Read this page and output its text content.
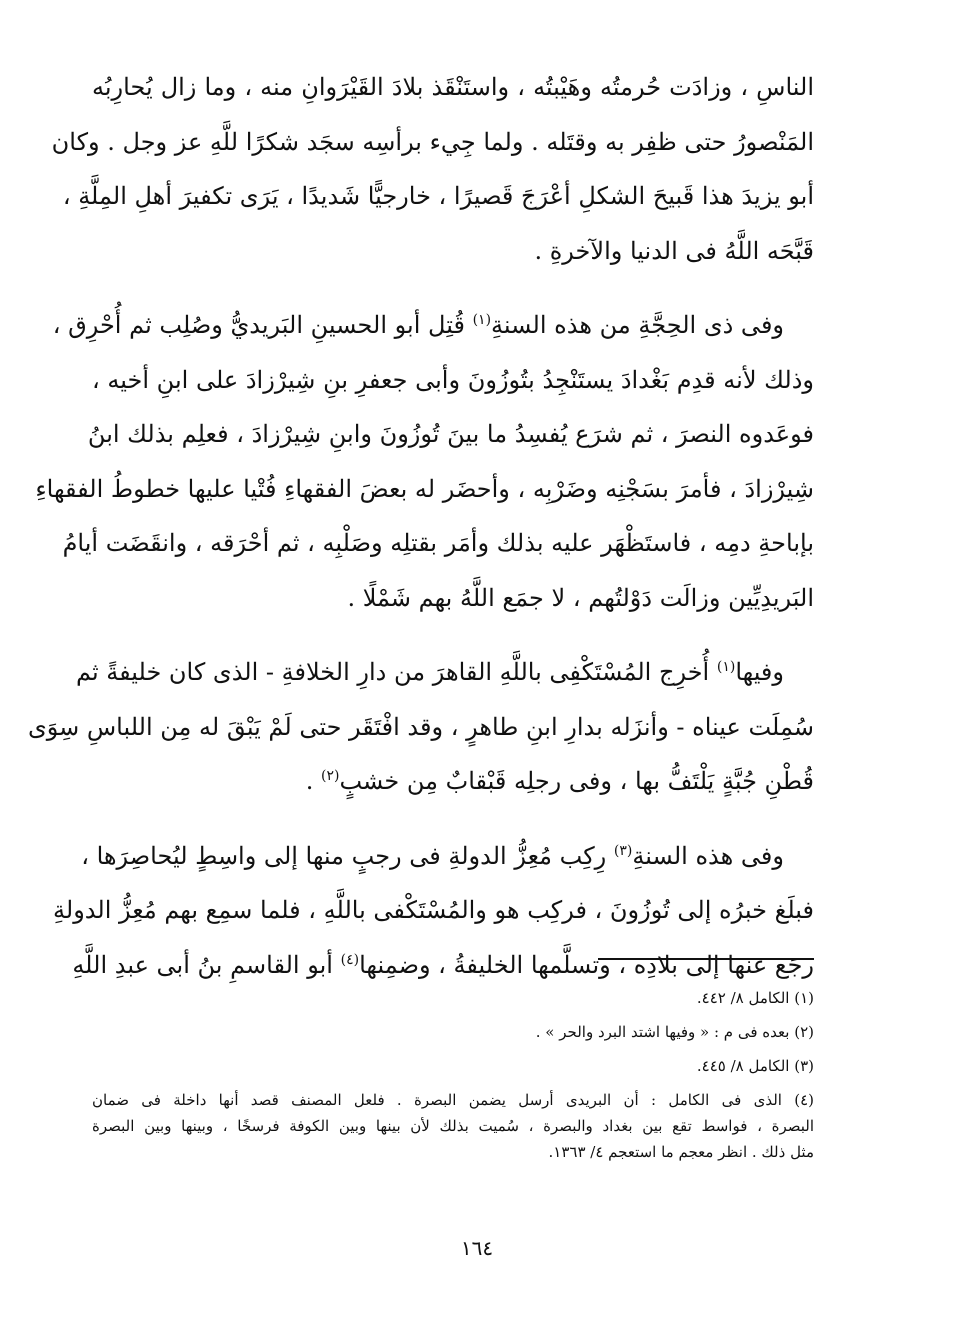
الناسِ ، وزادَت حُرمتُه وهَيْبتُه ، واستَنْقَذ بلادَ القَيْرَوانِ منه ، وما زال يُحارِبُه
المَنْصورُ حتى ظفِر به وقتَله . ولما جِيء برأسِه سجَد شكرًا للَّهِ عز وجل . وكان
أبو يزيدَ هذا قَبيحَ الشكلِ أعْرَجَ قَصيرًا ، خارجيًّا شَديدًا ، يَرَى تكفيرَ أهلِ المِلَّةِ ،
قَبَّحَه اللَّهُ فى الدنيا والآخرةِ .

وفى ذى الحِجَّةِ من هذه السنةِ$^{(١)}$ قُتِل أبو الحسينِ البَريديُّ وصُلِب ثم أُحْرِق ،
وذلك لأنه قدِم بَغْدادَ يستَنْجِدُ بتُوزُونَ وأبى جعفرِ بنِ شِيرْزادَ على ابنِ أخيه ،
فوعَدوه النصرَ ، ثم شرَع يُفسِدُ ما بينَ تُوزُونَ وابنِ شِيرْزادَ ، فعلِم بذلك ابنُ
شِيرْزادَ ، فأمرَ بسَجْنِه وضَرْبِه ، وأحضَر له بعضَ الفقهاءِ فُتْيا عليها خطوطُ الفقهاءِ
بإباحةِ دمِه ، فاستَظْهَر عليه بذلك وأمَر بقتلِه وصَلْبِه ، ثم أحْرَقه ، وانقَضَت أيامُ
البَريدِيِّين وزالَت دَوْلتُهم ، لا جمَع اللَّهُ بهم شَمْلًا .

وفيها$^{(١)}$ أُخرِج المُسْتَكْفِى باللَّهِ القاهرَ من دارِ الخلافةِ - الذى كان خليفةً ثم
سُمِلَت عيناه - وأنزَله بدارِ ابنِ طاهرٍ ، وقد افْتَقَر حتى لَمْ يَبْقَ له مِن اللباسِ سِوَى
قُطْنِ جُبَّةٍ يَلْتَفُّ بها ، وفى رجلِه قَبْقابٌ مِن خشبٍ$^{(٢)}$ .

وفى هذه السنةِ$^{(٣)}$ رِكِب مُعِزُّ الدولةِ فى رجبٍ منها إلى واسِطٍ ليُحاصِرَها ،
فبلَغ خبرُه إلى تُوزُونَ ، فركِب هو والمُسْتَكْفى باللَّهِ ، فلما سمِع بهم مُعِزُّ الدولةِ
رجَع عنها إلى بلادِه ، وتسلَّمها الخليفةُ ، وضمِنها$^{(٤)}$ أبو القاسمِ بنُ أبى عبدِ اللَّهِ

(١) الكامل ٨/ ٤٤٢.
(٢) بعده فى م : « وفيها اشتد البرد والحر » .
(٣) الكامل ٨/ ٤٤٥.
(٤) الذى فى الكامل : أن البريدى أرسل يضمن البصرة . فلعل المصنف قصد أنها داخلة فى ضمان
البصرة ، فواسط تقع بين بغداد والبصرة ، سُميت بذلك لأن بينها وبين الكوفة فرسخًا ، وبينها وبين البصرة
مثل ذلك . انظر معجم ما استعجم ٤/ ١٣٦٣.
١٦٤
